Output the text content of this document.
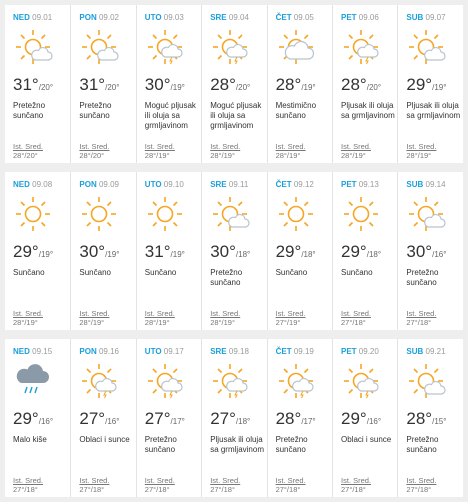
NED 09.01
31°/20°
Pretežno sunčano
Ist. Sred.
28°/20°
PON 09.02
31°/20°
Pretežno sunčano
Ist. Sred.
28°/20°
UTO 09.03
30°/19°
Moguć pljusak ili oluja sa grmljavinom
Ist. Sred.
28°/19°
SRE 09.04
28°/20°
Moguć pljusak ili oluja sa grmljavinom
Ist. Sred.
28°/19°
ČET 09.05
28°/19°
Mestimično sunčano
Ist. Sred.
28°/19°
PET 09.06
28°/20°
Pljusak ili oluja sa grmljavinom
Ist. Sred.
28°/19°
SUB 09.07
29°/19°
Pljusak ili oluja sa grmljavinom
Ist. Sred.
28°/19°
NED 09.08
29°/19°
Sunčano
Ist. Sred.
28°/19°
PON 09.09
30°/19°
Sunčano
Ist. Sred.
28°/19°
UTO 09.10
31°/19°
Sunčano
Ist. Sred.
28°/19°
SRE 09.11
30°/18°
Pretežno sunčano
Ist. Sred.
28°/19°
ČET 09.12
29°/18°
Sunčano
Ist. Sred.
27°/19°
PET 09.13
29°/18°
Sunčano
Ist. Sred.
27°/18°
SUB 09.14
30°/16°
Pretežno sunčano
Ist. Sred.
27°/18°
NED 09.15
29°/16°
Malo kiše
Ist. Sred.
27°/18°
PON 09.16
27°/16°
Oblaci i sunce
Ist. Sred.
27°/18°
UTO 09.17
27°/17°
Pretežno sunčano
Ist. Sred.
27°/18°
SRE 09.18
27°/18°
Pljusak ili oluja sa grmljavinom
Ist. Sred.
27°/18°
ČET 09.19
28°/17°
Pretežno sunčano
Ist. Sred.
27°/18°
PET 09.20
29°/16°
Oblaci i sunce
Ist. Sred.
27°/18°
SUB 09.21
28°/15°
Pretežno sunčano
Ist. Sred.
27°/18°
